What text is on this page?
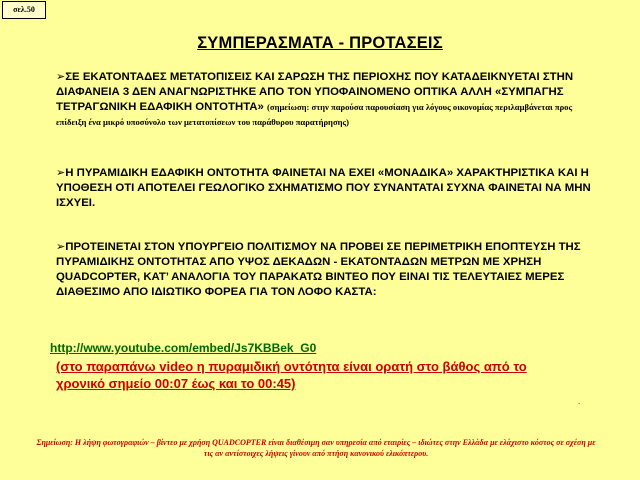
σελ.50
ΣΥΜΠΕΡΑΣΜΑΤΑ - ΠΡΟΤΑΣΕΙΣ
➢ΣΕ ΕΚΑΤΟΝΤΑΔΕΣ ΜΕΤΑΤΟΠΙΣΕΙΣ ΚΑΙ ΣΑΡΩΣΗ ΤΗΣ ΠΕΡΙΟΧΗΣ ΠΟΥ ΚΑΤΑΔΕΙΚΝΥΕΤΑΙ ΣΤΗΝ ΔΙΑΦΑΝΕΙΑ 3 ΔΕΝ ΑΝΑΓΝΩΡΙΣΤΗΚΕ ΑΠΟ ΤΟΝ ΥΠΟΦΑΙΝΟΜΕΝΟ ΟΠΤΙΚΑ ΑΛΛΗ «ΣΥΜΠΑΓΗΣ ΤΕΤΡΑΓΩΝΙΚΗ ΕΔΑΦΙΚΗ ΟΝΤΟΤΗΤΑ» (σημείωση: στην παρούσα παρουσίαση για λόγους οικονομίας περιλαμβάνεται προς επίδειξη ένα μικρό υποσύνολο των μετατοπίσεων του παράθυρου παρατήρησης)
➢Η ΠΥΡΑΜΙΔΙΚΗ ΕΔΑΦΙΚΗ ΟΝΤΟΤΗΤΑ ΦΑΙΝΕΤΑΙ ΝΑ ΕΧΕΙ «ΜΟΝΑΔΙΚΑ» ΧΑΡΑΚΤΗΡΙΣΤΙΚΑ ΚΑΙ Η ΥΠΟΘΕΣΗ ΟΤΙ ΑΠΟΤΕΛΕΙ ΓΕΩΛΟΓΙΚΟ ΣΧΗΜΑΤΙΣΜΟ ΠΟΥ ΣΥΝΑΝΤΑΤΑΙ ΣΥΧΝΑ ΦΑΙΝΕΤΑΙ ΝΑ ΜΗΝ ΙΣΧΥΕΙ.
➢ΠΡΟΤΕΙΝΕΤΑΙ ΣΤΟΝ ΥΠΟΥΡΓΕΙΟ ΠΟΛΙΤΙΣΜΟΥ ΝΑ ΠΡΟΒΕΙ ΣΕ ΠΕΡΙΜΕΤΡΙΚΗ ΕΠΟΠΤΕΥΣΗ ΤΗΣ ΠΥΡΑΜΙΔΙΚΗΣ ΟΝΤΟΤΗΤΑΣ ΑΠΟ ΥΨΟΣ ΔΕΚΑΔΩΝ - ΕΚΑΤΟΝΤΑΔΩΝ ΜΕΤΡΩΝ ΜΕ ΧΡΗΣΗ QUADCOPTER, ΚΑΤ’ ΑΝΑΛΟΓΙΑ ΤΟΥ ΠΑΡΑΚΑΤΩ ΒΙΝΤΕΟ ΠΟΥ ΕΙΝΑΙ ΤΙΣ ΤΕΛΕΥΤΑΙΕΣ ΜΕΡΕΣ ΔΙΑΘΕΣΙΜΟ ΑΠΟ ΙΔΙΩΤΙΚΟ ΦΟΡΕΑ ΓΙΑ ΤΟΝ ΛΟΦΟ ΚΑΣΤΑ:
http://www.youtube.com/embed/Js7KBBek_G0
(στο παραπάνω video η πυραμιδική οντότητα είναι ορατή στο βάθος από το χρονικό σημείο 00:07 έως και το 00:45)
.
Σημείωση: Η λήψη φωτογραφιών – βίντεο με χρήση QUADCOPTER είναι διαθέσιμη σαν υπηρεσία από εταιρίες – ιδιώτες στην Ελλάδα με ελάχιστο κόστος σε σχέση με τις αν αντίστοιχες λήψεις γίνουν από πτήση κανονικού ελικόπτερου.
